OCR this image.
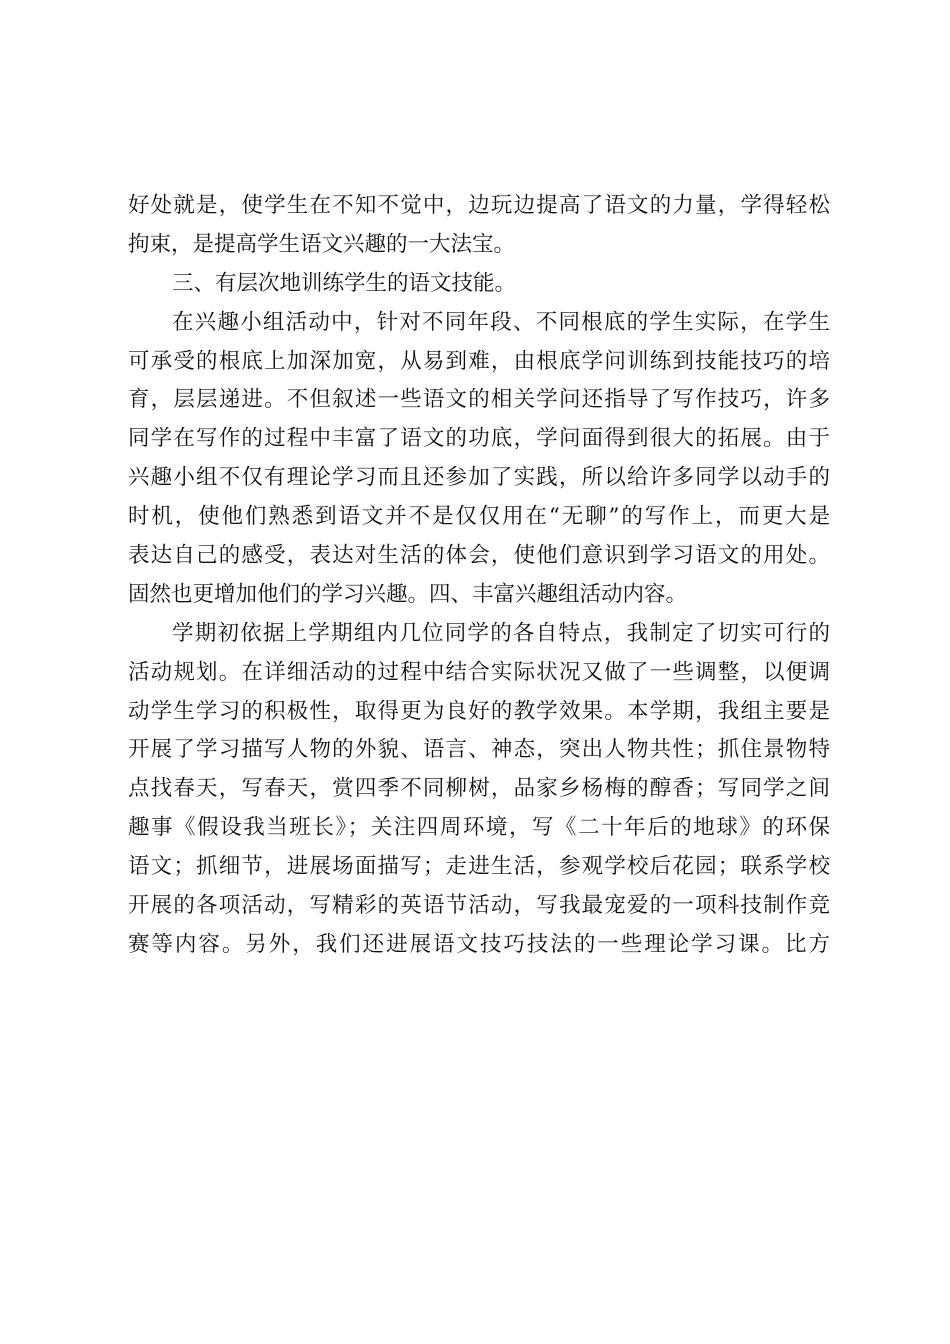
好处就是，使学生在不知不觉中，边玩边提高了语文的力量，学得轻松
拘束，是提高学生语文兴趣的一大法宝。
三、有层次地训练学生的语文技能。
在兴趣小组活动中，针对不同年段、不同根底的学生实际，在学生
可承受的根底上加深加宽，从易到难，由根底学问训练到技能技巧的培
育，层层递进。不但叙述一些语文的相关学问还指导了写作技巧，许多
同学在写作的过程中丰富了语文的功底，学问面得到很大的拓展。由于
兴趣小组不仅有理论学习而且还参加了实践，所以给许多同学以动手的
时机，使他们熟悉到语文并不是仅仅用在“无聊”的写作上，而更大是
表达自己的感受，表达对生活的体会，使他们意识到学习语文的用处。
固然也更增加他们的学习兴趣。四、丰富兴趣组活动内容。
学期初依据上学期组内几位同学的各自特点，我制定了切实可行的
活动规划。在详细活动的过程中结合实际状况又做了一些调整，以便调
动学生学习的积极性，取得更为良好的教学效果。本学期，我组主要是
开展了学习描写人物的外貌、语言、神态，突出人物共性；抓住景物特
点找春天，写春天，赏四季不同柳树，品家乡杨梅的醇香；写同学之间
趣事《假设我当班长》；关注四周环境，写《二十年后的地球》的环保
语文；抓细节，进展场面描写；走进生活，参观学校后花园；联系学校
开展的各项活动，写精彩的英语节活动，写我最宠爱的一项科技制作竞
赛等内容。另外，我们还进展语文技巧技法的一些理论学习课。比方
